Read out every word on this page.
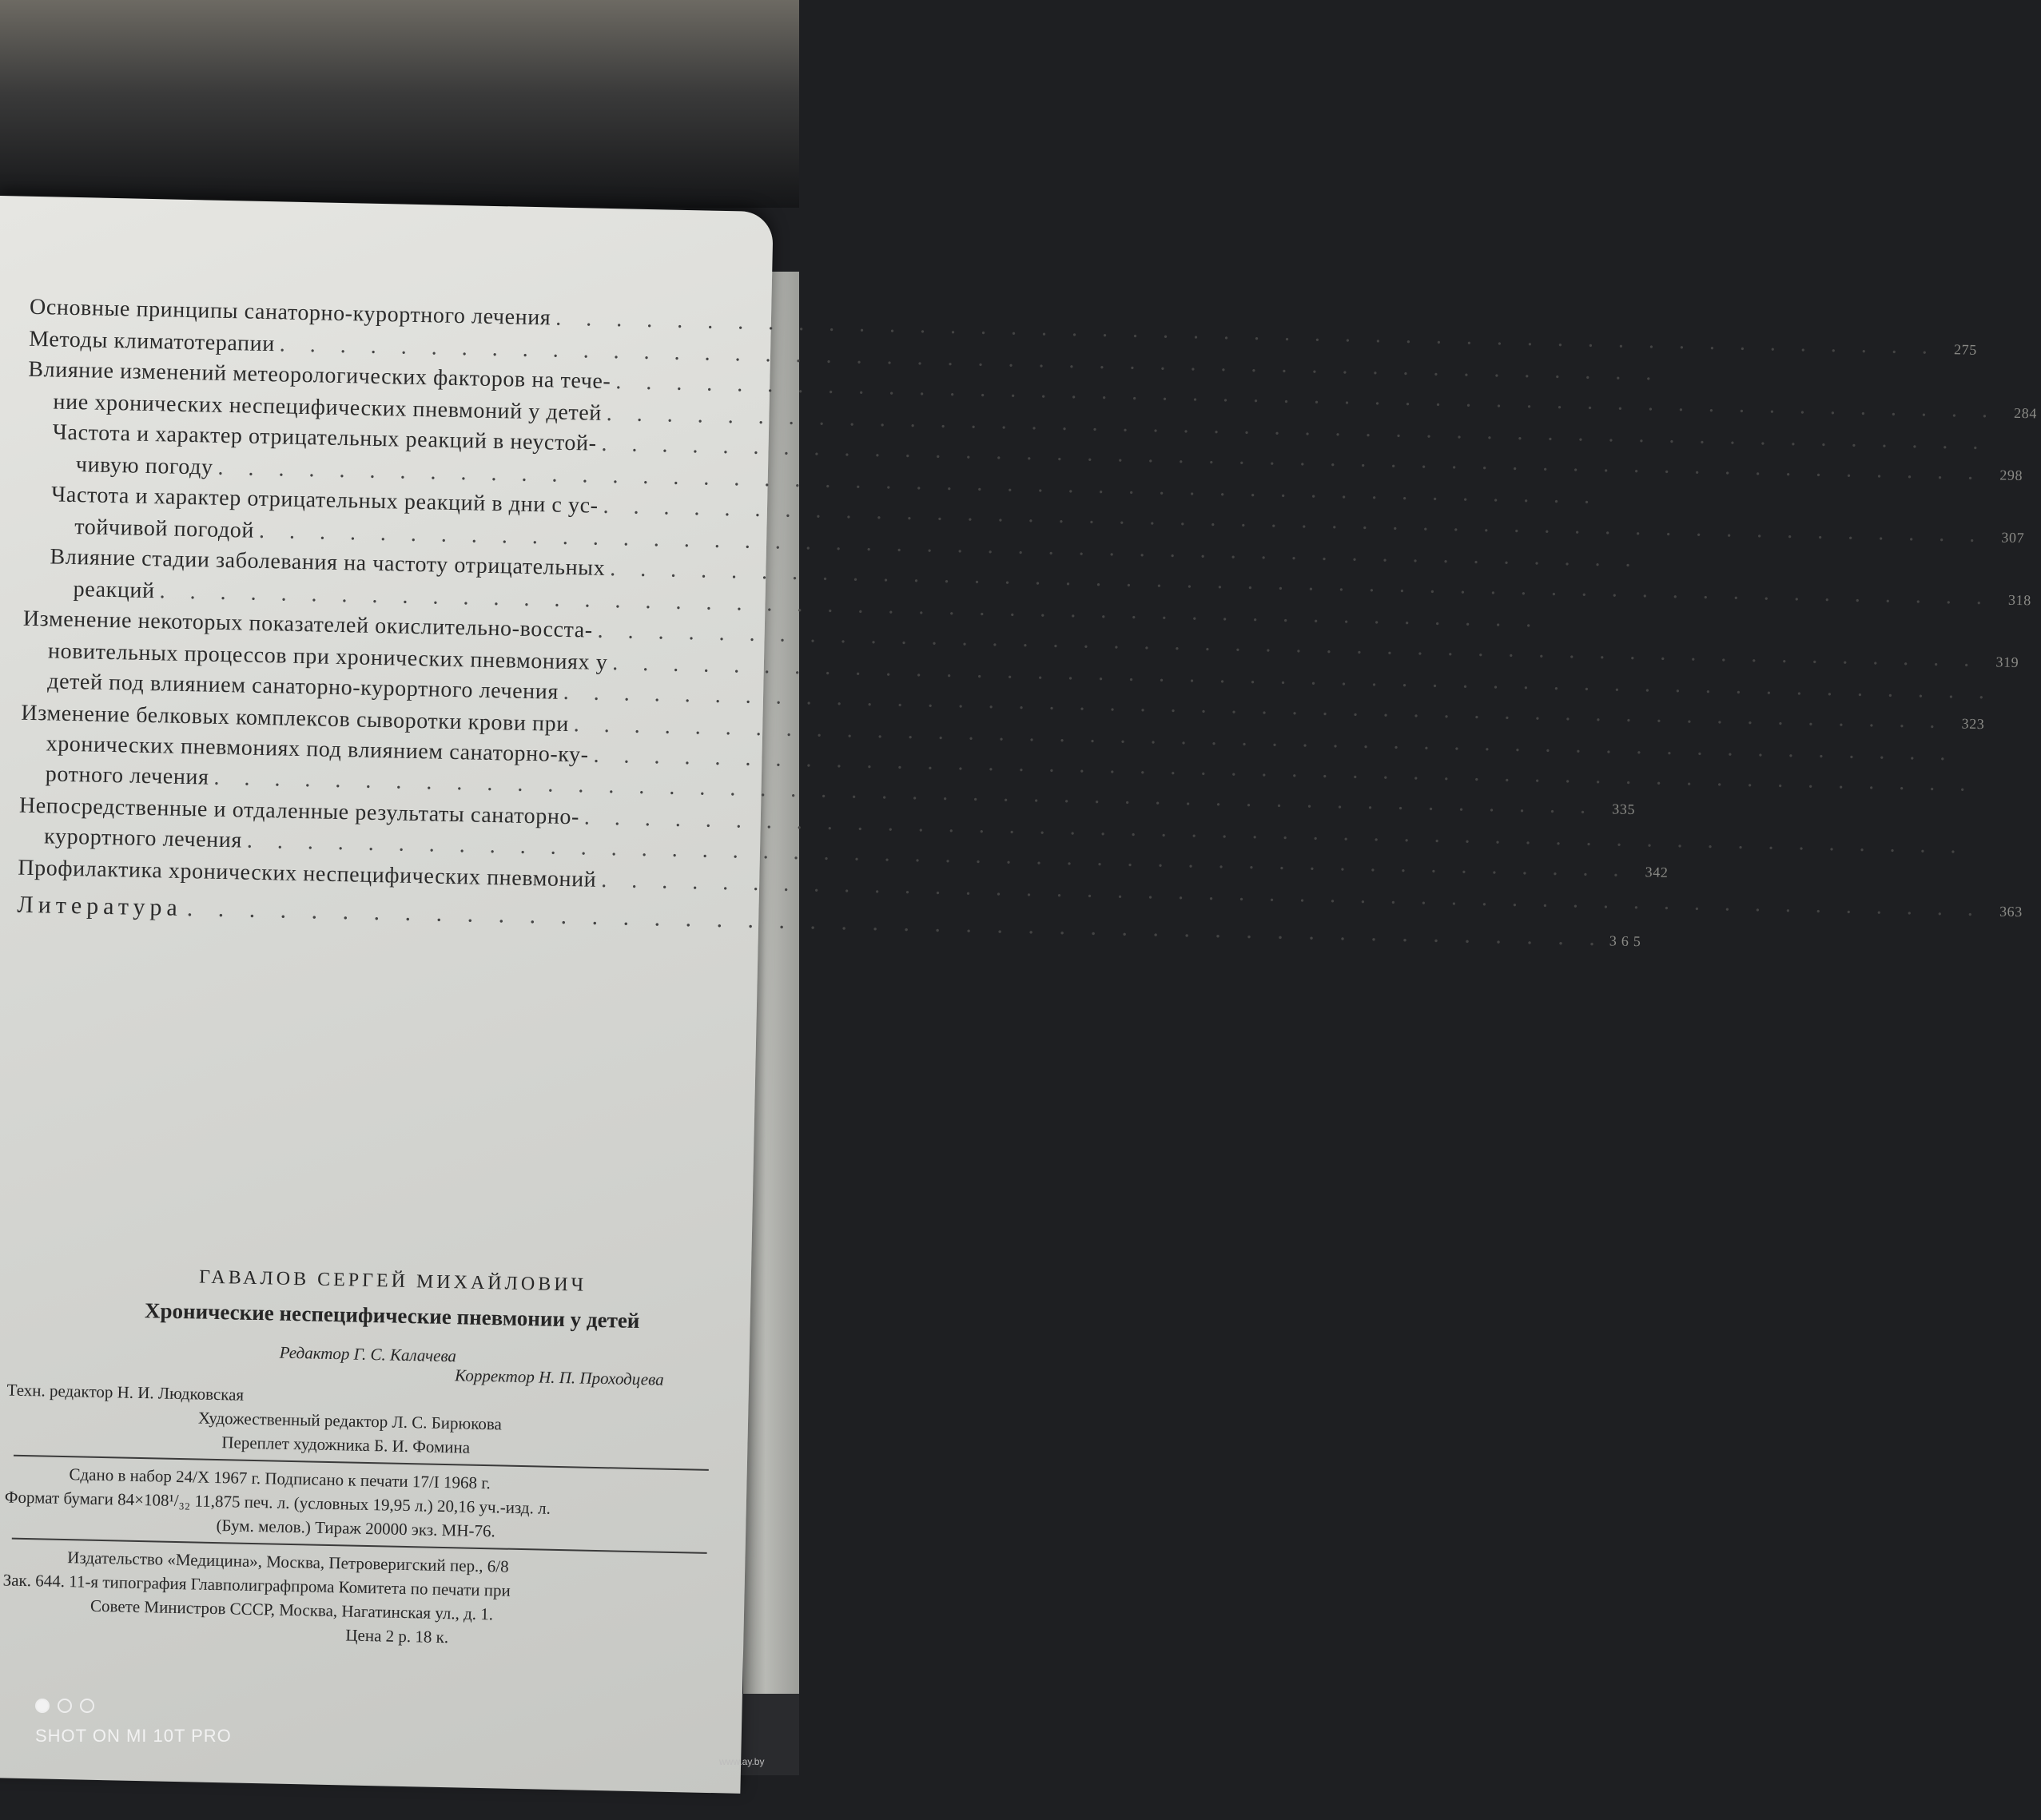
Основные принципы санаторно-курортного лечения
. . .
275
Методы климатотерапии
. . .
Влияние изменений метеорологических факторов на тече-
. . .
284
ние хронических неспецифических пневмоний у детей
. . .
Частота и характер отрицательных реакций в неустой-
. . .
298
чивую погоду
. . .
Частота и характер отрицательных реакций в дни с ус-
. . .
307
тойчивой погодой
. . .
Влияние стадии заболевания на частоту отрицательных
. . .
318
реакций
. . .
Изменение некоторых показателей окислительно-восста-
. . .
319
новительных процессов при хронических пневмониях у
. . .
детей под влиянием санаторно-курортного лечения
. . .
323
Изменение белковых комплексов сыворотки крови при
. . .
хронических пневмониях под влиянием санаторно-ку-
. . .
ротного лечения
. . .
335
Непосредственные и отдаленные результаты санаторно-
. . .
курортного лечения
. . .
342
Профилактика хронических неспецифических пневмоний
. . .
363
Литература
. . .
365
ГАВАЛОВ СЕРГЕЙ МИХАЙЛОВИЧ
Хронические неспецифические пневмонии у детей
Редактор Г. С. Калачева
Корректор Н. П. Проходцева
Техн. редактор Н. И. Людковская
Художественный редактор Л. С. Бирюкова
Переплет художника Б. И. Фомина
Сдано в набор 24/X 1967 г. Подписано к печати 17/I 1968 г.
Формат бумаги 84×108¹/₃₂ 11,875 печ. л. (условных 19,95 л.) 20,16 уч.-изд. л.
(Бум. мелов.) Тираж 20000 экз. МН-76.
Издательство «Медицина», Москва, Петроверигский пер., 6/8
Зак. 644. 11-я типография Главполиграфпрома Комитета по печати при
Совете Министров СССР, Москва, Нагатинская ул., д. 1.
Цена 2 р. 18 к.
SHOT ON MI 10T PRO
www.ay.by
